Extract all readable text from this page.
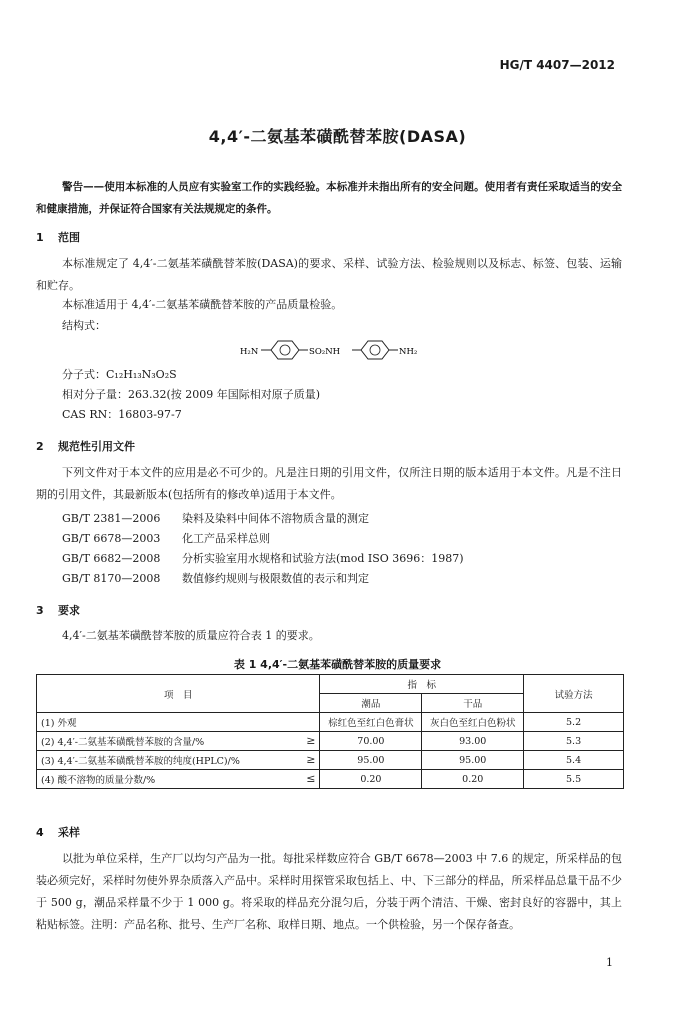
HG/T 4407—2012
4,4′-二氨基苯磺酰替苯胺(DASA)
警告——使用本标准的人员应有实验室工作的实践经验。本标准并未指出所有的安全问题。使用者有责任采取适当的安全和健康措施，并保证符合国家有关法规规定的条件。
1 范围
本标准规定了 4,4′-二氨基苯磺酰替苯胺(DASA)的要求、采样、试验方法、检验规则以及标志、标签、包装、运输和贮存。
本标准适用于 4,4′-二氨基苯磺酰替苯胺的产品质量检验。
结构式：
H₂N	SO₂NH	NH₂
分子式：C₁₂H₁₃N₃O₂S
相对分子量：263.32(按 2009 年国际相对原子质量)
CAS RN：16803-97-7
2 规范性引用文件
下列文件对于本文件的应用是必不可少的。凡是注日期的引用文件，仅所注日期的版本适用于本文件。凡是不注日期的引用文件，其最新版本(包括所有的修改单)适用于本文件。
GB/T 2381—2006 染料及染料中间体不溶物质含量的测定
GB/T 6678—2003 化工产品采样总则
GB/T 6682—2008 分析实验室用水规格和试验方法(mod ISO 3696：1987)
GB/T 8170—2008 数值修约规则与极限数值的表示和判定
3 要求
4,4′-二氨基苯磺酰替苯胺的质量应符合表 1 的要求。
表 1 4,4′-二氨基苯磺酰替苯胺的质量要求
项　目	指　标		试验方法
	潮品	干品	
(1) 外观	棕红色至红白色膏状	灰白色至红白色粉状	5.2
(2) 4,4′-二氨基苯磺酰替苯胺的含量/% ≥	70.00	93.00	5.3
(3) 4,4′-二氨基苯磺酰替苯胺的纯度(HPLC)/% ≥	95.00	95.00	5.4
(4) 酸不溶物的质量分数/% ≤	0.20	0.20	5.5
4 采样
以批为单位采样，生产厂以均匀产品为一批。每批采样数应符合 GB/T 6678—2003 中 7.6 的规定，所采样品的包装必须完好，采样时勿使外界杂质落入产品中。采样时用探管采取包括上、中、下三部分的样品，所采样品总量干品不少于 500 g，潮品采样量不少于 1 000 g。将采取的样品充分混匀后，分装于两个清洁、干燥、密封良好的容器中，其上粘贴标签。注明：产品名称、批号、生产厂名称、取样日期、地点。一个供检验，另一个保存备查。
1
